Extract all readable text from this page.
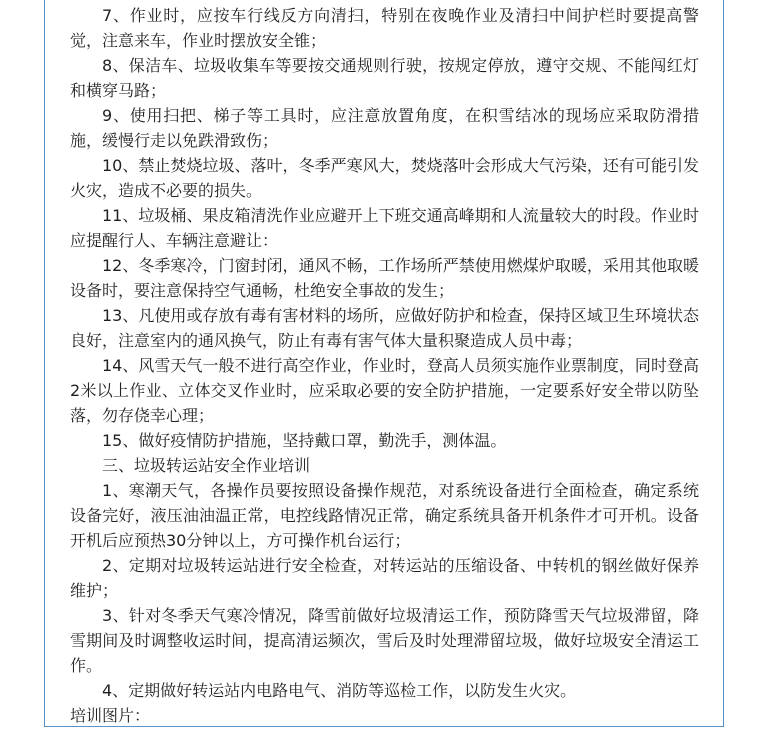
7、作业时，应按车行线反方向清扫，特别在夜晚作业及清扫中间护栏时要提高警觉，注意来车，作业时摆放安全锥；

8、保洁车、垃圾收集车等要按交通规则行驶，按规定停放，遵守交规、不能闯红灯和横穿马路；

9、使用扫把、梯子等工具时，应注意放置角度，在积雪结冰的现场应采取防滑措施，缓慢行走以免跌滑致伤；

10、禁止焚烧垃圾、落叶，冬季严寒风大，焚烧落叶会形成大气污染，还有可能引发火灾，造成不必要的损失。

11、垃圾桶、果皮箱清洗作业应避开上下班交通高峰期和人流量较大的时段。作业时应提醒行人、车辆注意避让：

12、冬季寒冷，门窗封闭，通风不畅，工作场所严禁使用燃煤炉取暖，采用其他取暖设备时，要注意保持空气通畅，杜绝安全事故的发生；

13、凡使用或存放有毒有害材料的场所，应做好防护和检查，保持区域卫生环境状态良好，注意室内的通风换气，防止有毒有害气体大量积聚造成人员中毒；

14、风雪天气一般不进行高空作业，作业时，登高人员须实施作业票制度，同时登高2米以上作业、立体交叉作业时，应采取必要的安全防护措施，一定要系好安全带以防坠落，勿存侥幸心理；

15、做好疫情防护措施，坚持戴口罩，勤洗手，测体温。

三、垃圾转运站安全作业培训

1、寒潮天气，各操作员要按照设备操作规范，对系统设备进行全面检查，确定系统设备完好，液压油油温正常，电控线路情况正常，确定系统具备开机条件才可开机。设备开机后应预热30分钟以上，方可操作机台运行；

2、定期对垃圾转运站进行安全检查，对转运站的压缩设备、中转机的钢丝做好保养维护；

3、针对冬季天气寒冷情况，降雪前做好垃圾清运工作，预防降雪天气垃圾滞留，降雪期间及时调整收运时间，提高清运频次，雪后及时处理滞留垃圾，做好垃圾安全清运工作。

4、定期做好转运站内电路电气、消防等巡检工作，以防发生火灾。

培训图片：
